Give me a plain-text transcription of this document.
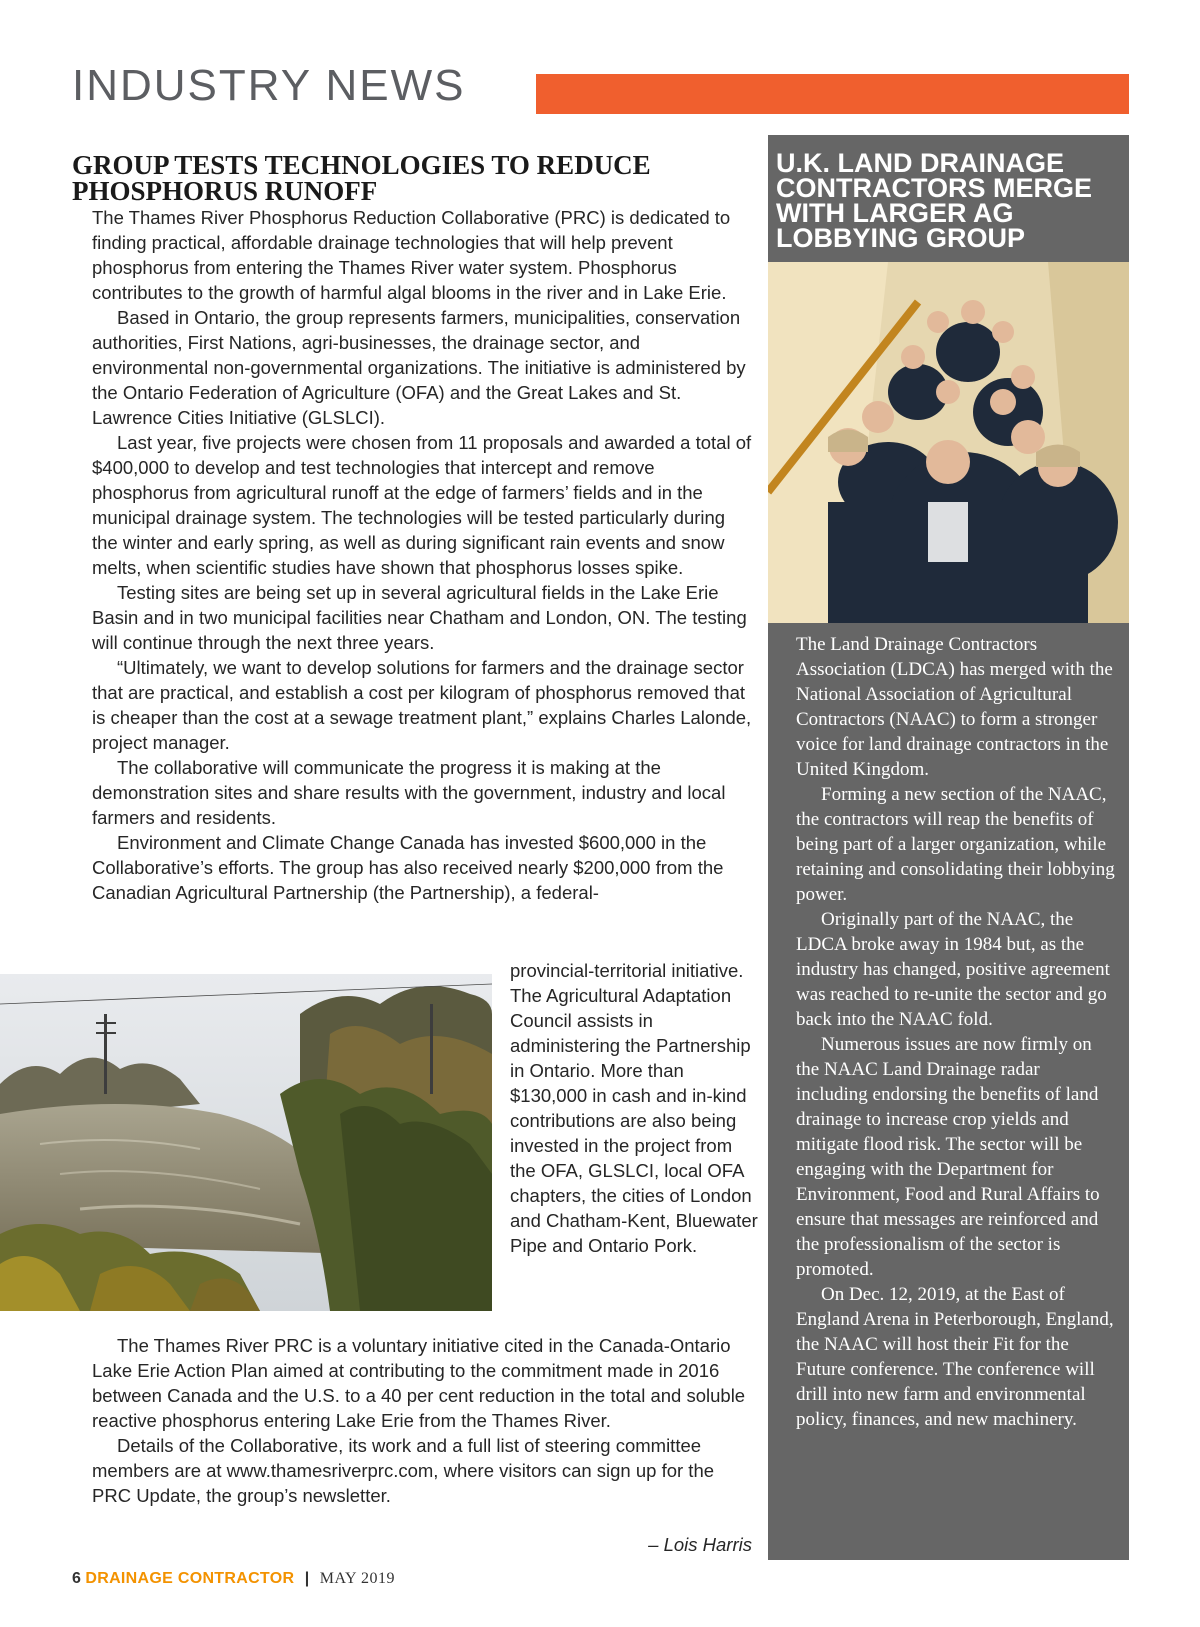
INDUSTRY NEWS
GROUP TESTS TECHNOLOGIES TO REDUCE PHOSPHORUS RUNOFF

The Thames River Phosphorus Reduction Collaborative (PRC) is dedicated to finding practical, affordable drainage technologies that will help prevent phosphorus from entering the Thames River water system. Phosphorus contributes to the growth of harmful algal blooms in the river and in Lake Erie.

Based in Ontario, the group represents farmers, municipalities, conservation authorities, First Nations, agri-businesses, the drainage sector, and environmental non-governmental organizations. The initiative is administered by the Ontario Federation of Agriculture (OFA) and the Great Lakes and St. Lawrence Cities Initiative (GLSLCI).

Last year, five projects were chosen from 11 proposals and awarded a total of $400,000 to develop and test technologies that intercept and remove phosphorus from agricultural runoff at the edge of farmers’ fields and in the municipal drainage system. The technologies will be tested particularly during the winter and early spring, as well as during significant rain events and snow melts, when scientific studies have shown that phosphorus losses spike.

Testing sites are being set up in several agricultural fields in the Lake Erie Basin and in two municipal facilities near Chatham and London, ON. The testing will continue through the next three years.

“Ultimately, we want to develop solutions for farmers and the drainage sector that are practical, and establish a cost per kilogram of phosphorus removed that is cheaper than the cost at a sewage treatment plant,” explains Charles Lalonde, project manager.

The collaborative will communicate the progress it is making at the demonstration sites and share results with the government, industry and local farmers and residents.

Environment and Climate Change Canada has invested $600,000 in the Collaborative’s efforts. The group has also received nearly $200,000 from the Canadian Agricultural Partnership (the Partnership), a federal-

provincial-territorial initiative. The Agricultural Adaptation Council assists in administering the Partnership in Ontario. More than $130,000 in cash and in-kind contributions are also being invested in the project from the OFA, GLSLCI, local OFA chapters, the cities of London and Chatham-Kent, Bluewater Pipe and Ontario Pork.

The Thames River PRC is a voluntary initiative cited in the Canada-Ontario Lake Erie Action Plan aimed at contributing to the commitment made in 2016 between Canada and the U.S. to a 40 per cent reduction in the total and soluble reactive phosphorus entering Lake Erie from the Thames River.

Details of the Collaborative, its work and a full list of steering committee members are at www.thamesriverprc.com, where visitors can sign up for the PRC Update, the group’s newsletter.

– Lois Harris
U.K. LAND DRAINAGE CONTRACTORS MERGE WITH LARGER AG LOBBYING GROUP

The Land Drainage Contractors Association (LDCA) has merged with the National Association of Agricultural Contractors (NAAC) to form a stronger voice for land drainage contractors in the United Kingdom.

Forming a new section of the NAAC, the contractors will reap the benefits of being part of a larger organization, while retaining and consolidating their lobbying power.

Originally part of the NAAC, the LDCA broke away in 1984 but, as the industry has changed, positive agreement was reached to re-unite the sector and go back into the NAAC fold.

Numerous issues are now firmly on the NAAC Land Drainage radar including endorsing the benefits of land drainage to increase crop yields and mitigate flood risk. The sector will be engaging with the Department for Environment, Food and Rural Affairs to ensure that messages are reinforced and the professionalism of the sector is promoted.

On Dec. 12, 2019, at the East of England Arena in Peterborough, England, the NAAC will host their Fit for the Future conference. The conference will drill into new farm and environmental policy, finances, and new machinery.

6 DRAINAGE CONTRACTOR | MAY 2019
